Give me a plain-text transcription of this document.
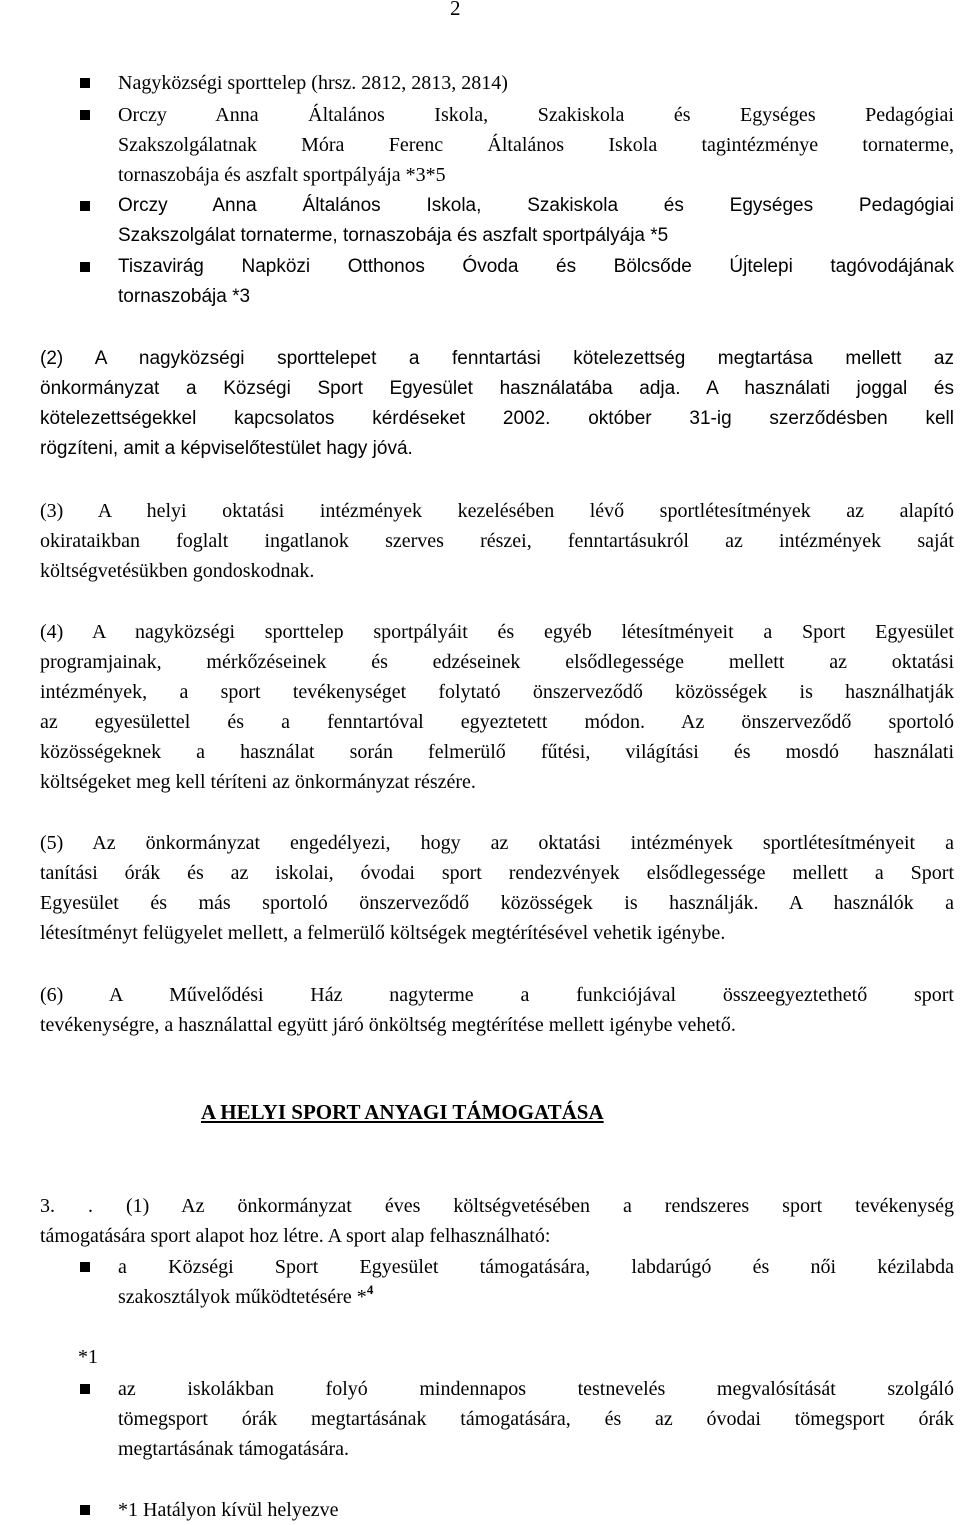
2
Nagyközségi sporttelep (hrsz. 2812, 2813, 2814)
Orczy Anna Általános Iskola, Szakiskola és Egységes Pedagógiai
Szakszolgálatnak Móra Ferenc Általános Iskola tagintézménye tornaterme,
tornaszobája és aszfalt sportpályája *3*5
Orczy Anna Általános Iskola, Szakiskola és Egységes Pedagógiai
Szakszolgálat tornaterme, tornaszobája és aszfalt sportpályája *5
Tiszavirág Napközi Otthonos Óvoda és Bölcsőde Újtelepi tagóvodájának
tornaszobája *3
(2) A nagyközségi sporttelepet a fenntartási kötelezettség megtartása mellett az
önkormányzat a Községi Sport Egyesület használatába adja. A használati joggal és
kötelezettségekkel kapcsolatos kérdéseket 2002. október 31-ig szerződésben kell
rögzíteni, amit a képviselőtestület hagy jóvá.
(3) A helyi oktatási intézmények kezelésében lévő sportlétesítmények az alapító
okirataikban foglalt ingatlanok szerves részei, fenntartásukról az intézmények saját
költségvetésükben gondoskodnak.
(4) A nagyközségi sporttelep sportpályáit és egyéb létesítményeit a Sport Egyesület
programjainak, mérkőzéseinek és edzéseinek elsődlegessége mellett az oktatási
intézmények, a sport tevékenységet folytató önszerveződő közösségek is használhatják
az egyesülettel és a fenntartóval egyeztetett módon. Az önszerveződő sportoló
közösségeknek a használat során felmerülő fűtési, világítási és mosdó használati
költségeket meg kell téríteni az önkormányzat részére.
(5) Az önkormányzat engedélyezi, hogy az oktatási intézmények sportlétesítményeit a
tanítási órák és az iskolai, óvodai sport rendezvények elsődlegessége mellett a Sport
Egyesület és más sportoló önszerveződő közösségek is használják. A használók a
létesítményt felügyelet mellett, a felmerülő költségek megtérítésével vehetik igénybe.
(6) A Művelődési Ház nagyterme a funkciójával összeegyeztethető sport
tevékenységre, a használattal együtt járó önköltség megtérítése mellett igénybe vehető.
A HELYI SPORT ANYAGI TÁMOGATÁSA
3. . (1) Az önkormányzat éves költségvetésében a rendszeres sport tevékenység
támogatására sport alapot hoz létre. A sport alap felhasználható:
a Községi Sport Egyesület támogatására, labdarúgó és női kézilabda
szakosztályok működtetésére *$^4$
*1
az iskolákban folyó mindennapos testnevelés megvalósítását szolgáló
tömegsport órák megtartásának támogatására, és az óvodai tömegsport órák
megtartásának támogatására.
*1 Hatályon kívül helyezve
